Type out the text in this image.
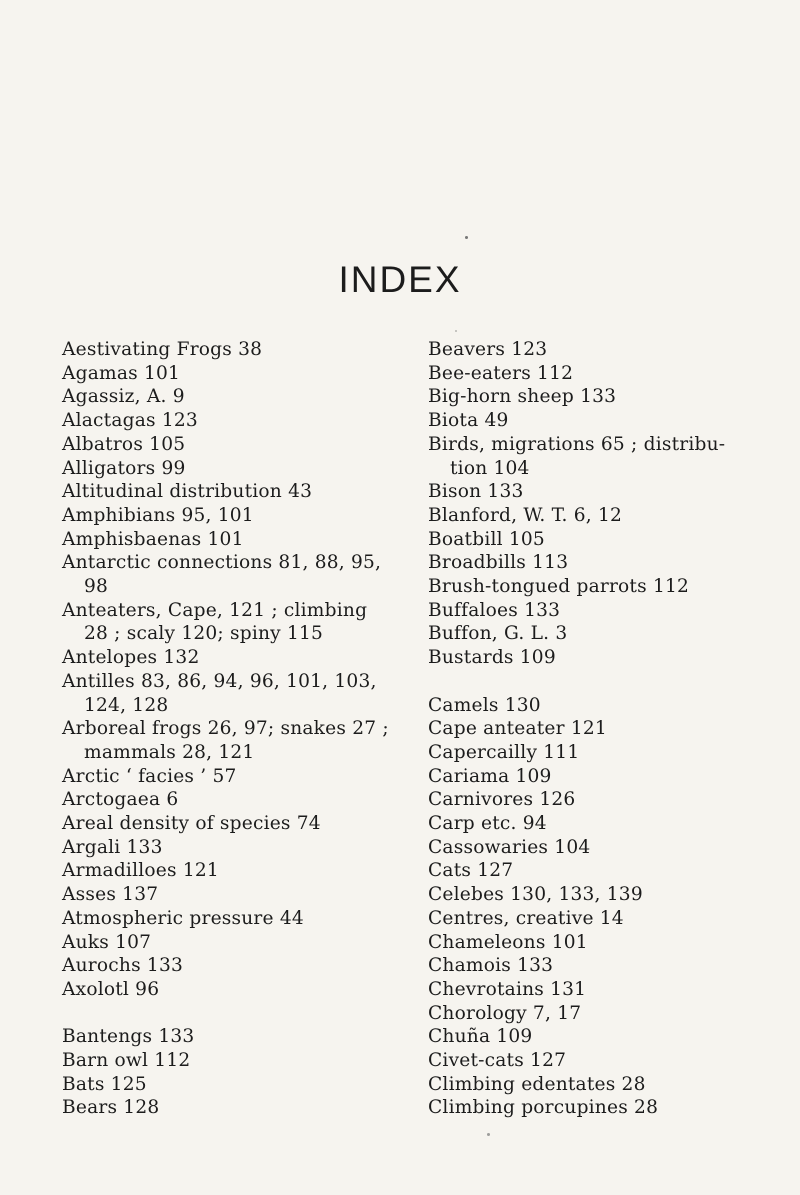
INDEX
Aestivating Frogs 38
Agamas 101
Agassiz, A. 9
Alactagas 123
Albatros 105
Alligators 99
Altitudinal distribution 43
Amphibians 95, 101
Amphisbaenas 101
Antarctic connections 81, 88, 95,
98
Anteaters, Cape, 121 ; climbing
28 ; scaly 120; spiny 115
Antelopes 132
Antilles 83, 86, 94, 96, 101, 103,
124, 128
Arboreal frogs 26, 97; snakes 27 ;
mammals 28, 121
Arctic ‘ facies ’ 57
Arctogaea 6
Areal density of species 74
Argali 133
Armadilloes 121
Asses 137
Atmospheric pressure 44
Auks 107
Aurochs 133
Axolotl 96
Bantengs 133
Barn owl 112
Bats 125
Bears 128
Beavers 123
Bee-eaters 112
Big-horn sheep 133
Biota 49
Birds, migrations 65 ; distribu-
tion 104
Bison 133
Blanford, W. T. 6, 12
Boatbill 105
Broadbills 113
Brush-tongued parrots 112
Buffaloes 133
Buffon, G. L. 3
Bustards 109
Camels 130
Cape anteater 121
Capercailly 111
Cariama 109
Carnivores 126
Carp etc. 94
Cassowaries 104
Cats 127
Celebes 130, 133, 139
Centres, creative 14
Chameleons 101
Chamois 133
Chevrotains 131
Chorology 7, 17
Chuña 109
Civet-cats 127
Climbing edentates 28
Climbing porcupines 28
